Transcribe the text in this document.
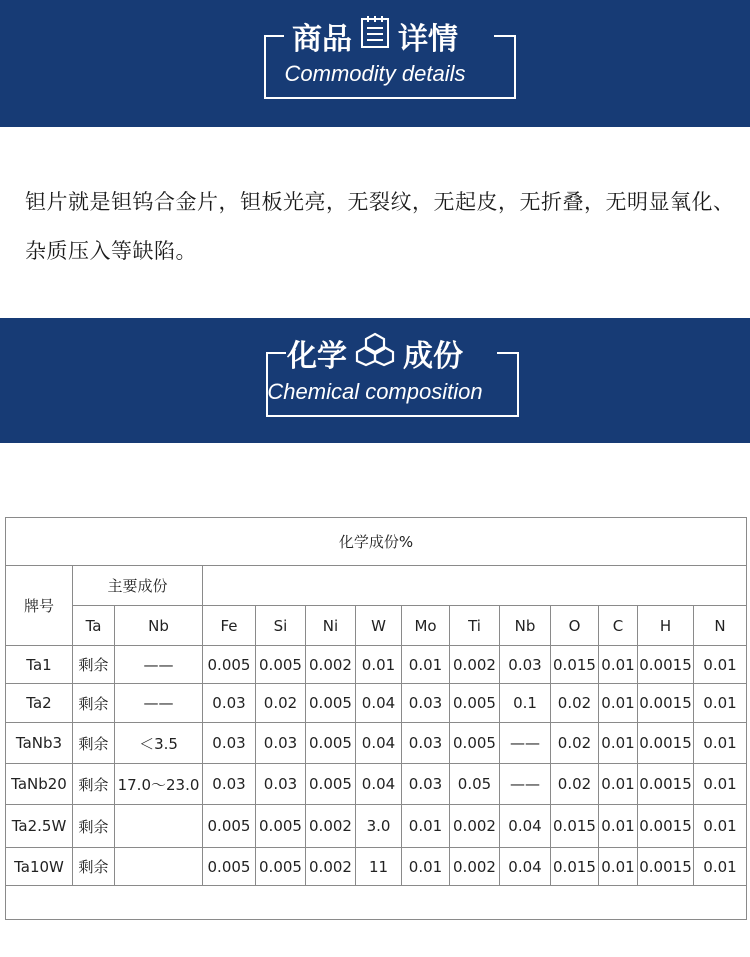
商品 详情
Commodity details
钽片就是钽钨合金片，钽板光亮，无裂纹，无起皮，无折叠，无明显氧化、杂质压入等缺陷。
化学 成份
Chemical composition
化学成份%													
牌号	主要成份												
	Ta	Nb	Fe	Si	Ni	W	Mo	Ti	Nb	O	C	H	N
Ta1	剩余	——	0.005	0.005	0.002	0.01	0.01	0.002	0.03	0.015	0.01	0.0015	0.01
Ta2	剩余	——	0.03	0.02	0.005	0.04	0.03	0.005	0.1	0.02	0.01	0.0015	0.01
TaNb3	剩余	＜3.5	0.03	0.03	0.005	0.04	0.03	0.005	——	0.02	0.01	0.0015	0.01
TaNb20	剩余	17.0～23.0	0.03	0.03	0.005	0.04	0.03	0.05	——	0.02	0.01	0.0015	0.01
Ta2.5W	剩余		0.005	0.005	0.002	3.0	0.01	0.002	0.04	0.015	0.01	0.0015	0.01
Ta10W	剩余		0.005	0.005	0.002	11	0.01	0.002	0.04	0.015	0.01	0.0015	0.01
